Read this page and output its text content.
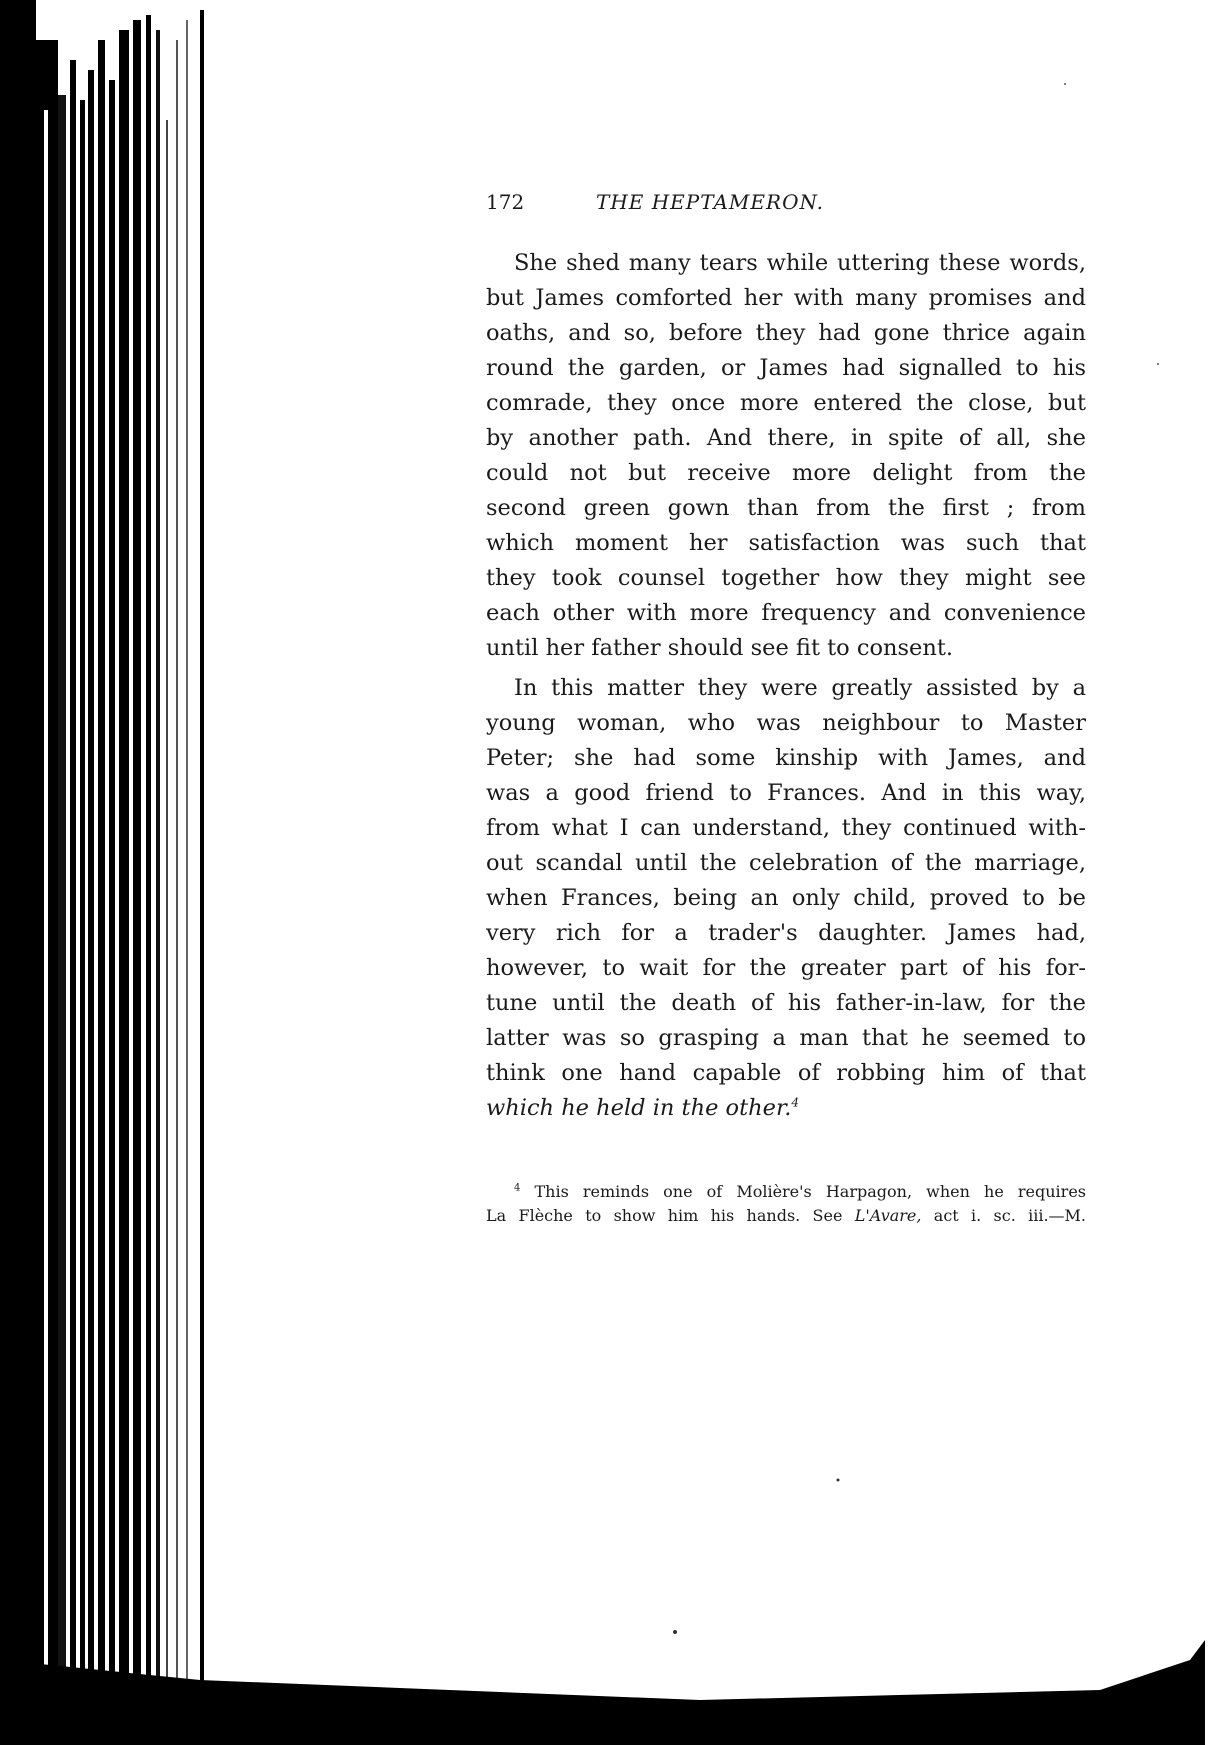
172	THE HEPTAMERON.
She shed many tears while uttering these words,
but James comforted her with many promises and
oaths, and so, before they had gone thrice again
round the garden, or James had signalled to his
comrade, they once more entered the close, but
by another path. And there, in spite of all, she
could not but receive more delight from the
second green gown than from the first ; from
which moment her satisfaction was such that
they took counsel together how they might see
each other with more frequency and convenience
until her father should see fit to consent.
In this matter they were greatly assisted by a
young woman, who was neighbour to Master
Peter; she had some kinship with James, and
was a good friend to Frances. And in this way,
from what I can understand, they continued with-
out scandal until the celebration of the marriage,
when Frances, being an only child, proved to be
very rich for a trader's daughter. James had,
however, to wait for the greater part of his for-
tune until the death of his father-in-law, for the
latter was so grasping a man that he seemed to
think one hand capable of robbing him of that
which he held in the other.$^4$
$^4$ This reminds one of Molière's Harpagon, when he requires
La Flèche to show him his hands. See L'Avare, act i. sc. iii.—M.
